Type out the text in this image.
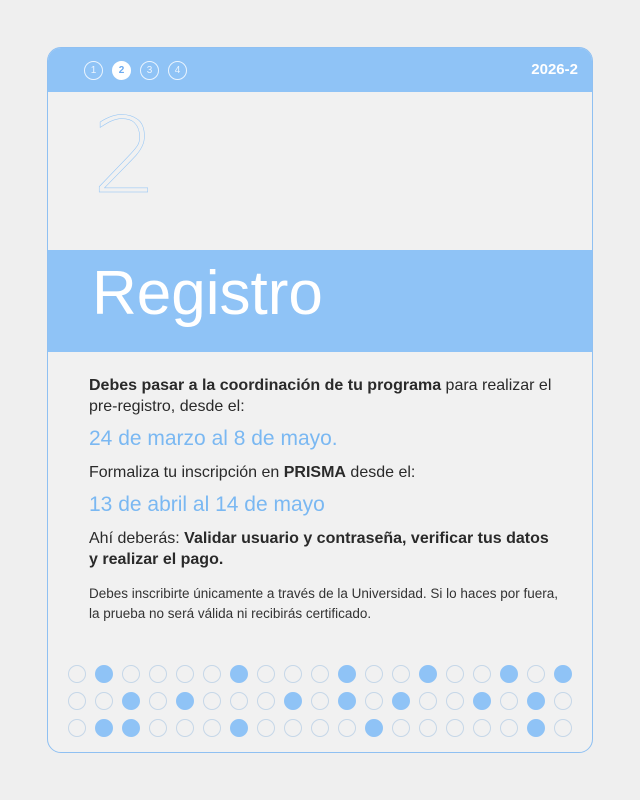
1	2	3	4	2026-2
2
Registro
Debes pasar a la coordinación de tu programa para realizar el pre-registro, desde el:
24 de marzo al 8 de mayo.
Formaliza tu inscripción en PRISMA desde el:
13 de abril al 14 de mayo
Ahí deberás: Validar usuario y contraseña, verificar tus datos y realizar el pago.
Debes inscribirte únicamente a través de la Universidad. Si lo haces por fuera, la prueba no será válida ni recibirás certificado.
